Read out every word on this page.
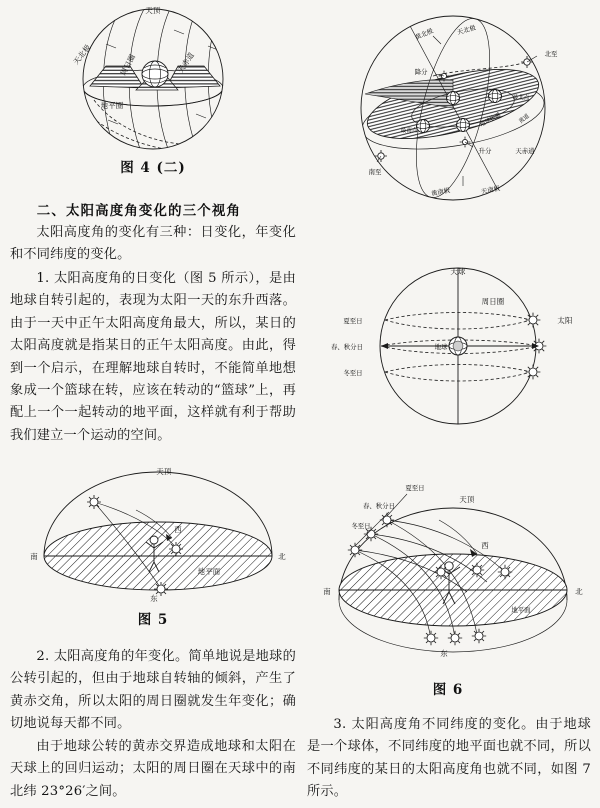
天顶
天北极	周日圈	天赤道
地平圈

图 4 (二)

二、太阳高度角变化的三个视角

太阳高度角的变化有三种：日变化，年变化和不同纬度的变化。

1. 太阳高度角的日变化（图 5 所示），是由地球自转引起的，表现为太阳一天的东升西落。由于一天中正午太阳高度角最大，所以，某日的太阳高度就是指某日的正午太阳高度。由此，得到一个启示，在理解地球自转时，不能简单地想象成一个篮球在转，应该在转动的“篮球”上，再配上一个一起转动的地平面，这样就有利于帮助我们建立一个运动的空间。

天顶
西
南	北
东
地平面

图 5

2. 太阳高度角的年变化。简单地说是地球的公转引起的，但由于地球自转轴的倾斜，产生了黄赤交角，所以太阳的周日圈就发生年变化；确切地说每天都不同。

由于地球公转的黄赤交界造成地球和太阳在天球上的回归运动；太阳的周日圈在天球中的南北纬 23°26′之间。

黄北极	天北极
北至
降分
最北点
地球轨道	黄道
最南点
升分	天赤道
南至
黄南极	天南极
天球
周日圈
夏至日
春、秋分日
冬至日
太阳
地球
夏至日
春、秋分日
冬至日
天顶
西
南	北
东
地平面

图 6

3. 太阳高度角不同纬度的变化。由于地球是一个球体，不同纬度的地平面也就不同，所以不同纬度的某日的太阳高度角也就不同，如图 7 所示。
